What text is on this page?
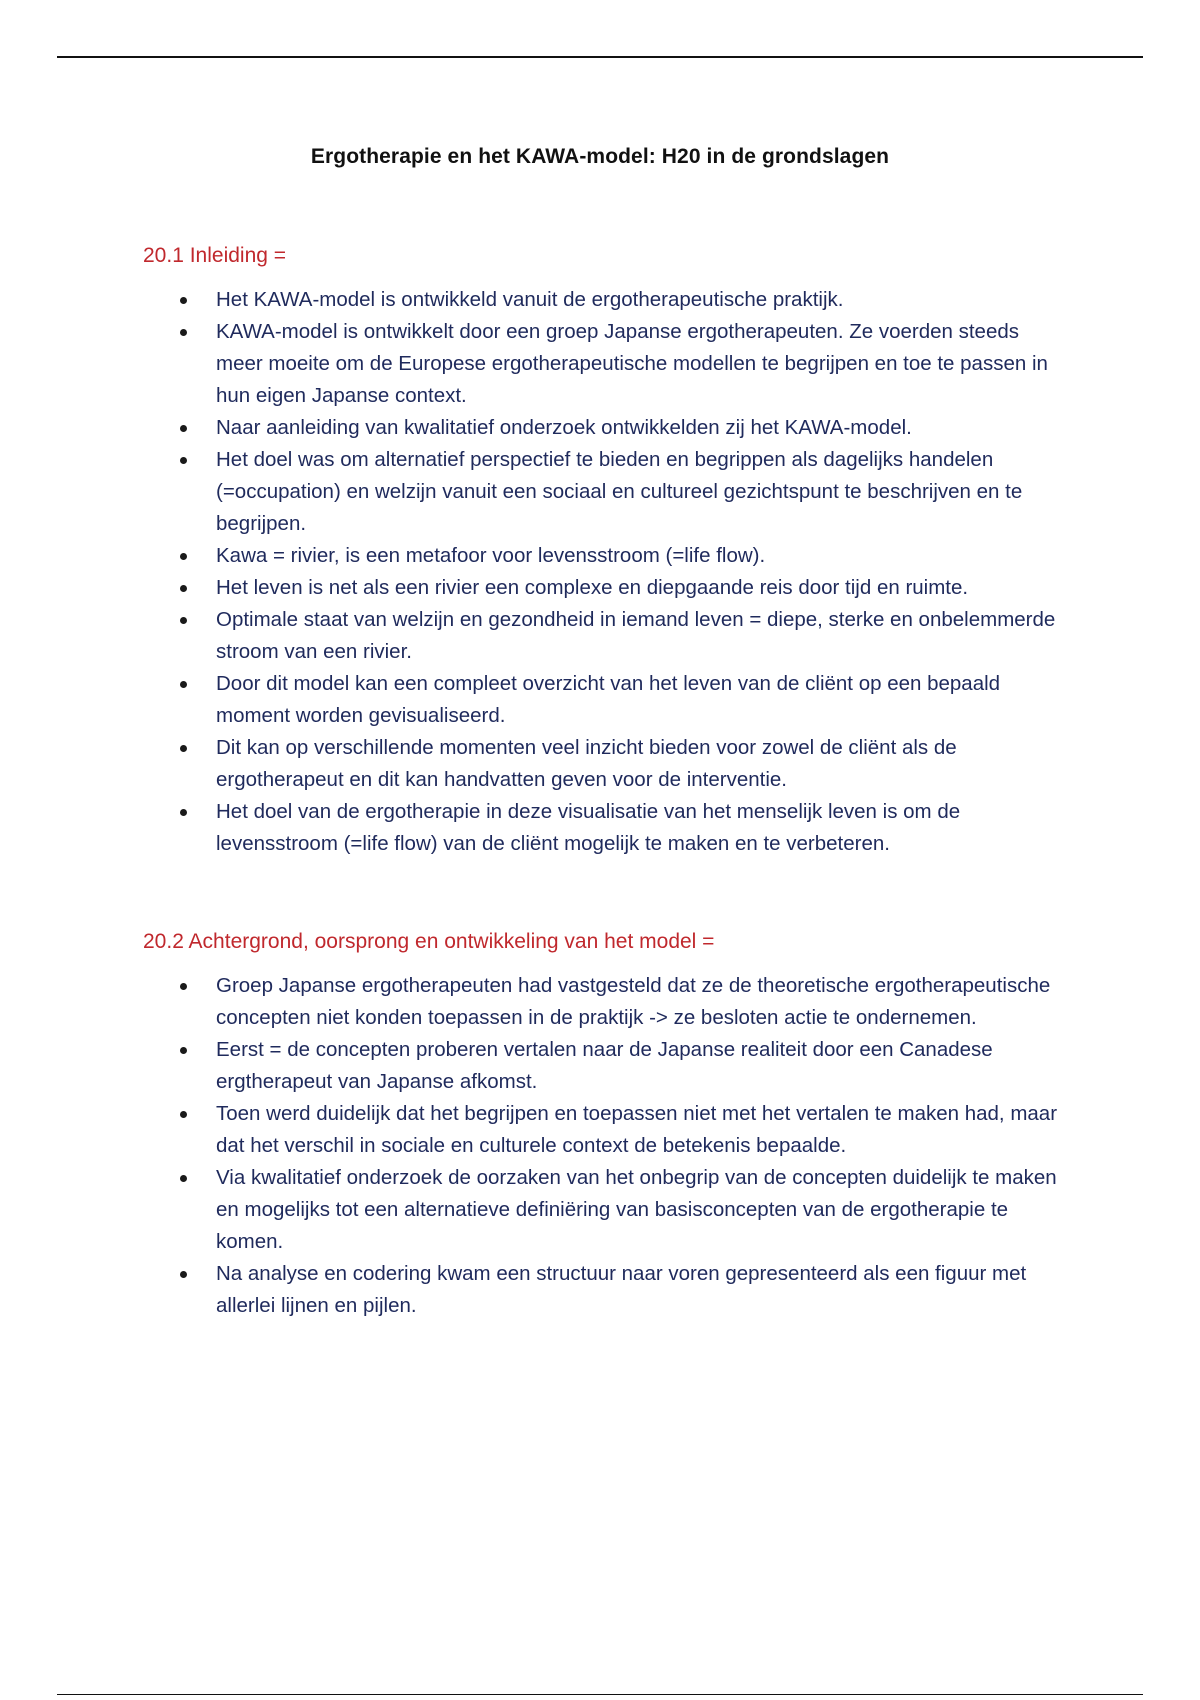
Ergotherapie en het KAWA-model: H20 in de grondslagen
20.1 Inleiding =
Het KAWA-model is ontwikkeld vanuit de ergotherapeutische praktijk.
KAWA-model is ontwikkelt door een groep Japanse ergotherapeuten. Ze voerden steeds meer moeite om de Europese ergotherapeutische modellen te begrijpen en toe te passen in hun eigen Japanse context.
Naar aanleiding van kwalitatief onderzoek ontwikkelden zij het KAWA-model.
Het doel was om alternatief perspectief te bieden en begrippen als dagelijks handelen (=occupation) en welzijn vanuit een sociaal en cultureel gezichtspunt te beschrijven en te begrijpen.
Kawa = rivier, is een metafoor voor levensstroom (=life flow).
Het leven is net als een rivier een complexe en diepgaande reis door tijd en ruimte.
Optimale staat van welzijn en gezondheid in iemand leven = diepe, sterke en onbelemmerde stroom van een rivier.
Door dit model kan een compleet overzicht van het leven van de cliënt op een bepaald moment worden gevisualiseerd.
Dit kan op verschillende momenten veel inzicht bieden voor zowel de cliënt als de ergotherapeut en dit kan handvatten geven voor de interventie.
Het doel van de ergotherapie in deze visualisatie van het menselijk leven is om de levensstroom (=life flow) van de cliënt mogelijk te maken en te verbeteren.
20.2 Achtergrond, oorsprong en ontwikkeling van het model =
Groep Japanse ergotherapeuten had vastgesteld dat ze de theoretische ergotherapeutische concepten niet konden toepassen in de praktijk -> ze besloten actie te ondernemen.
Eerst = de concepten proberen vertalen naar de Japanse realiteit door een Canadese ergtherapeut van Japanse afkomst.
Toen werd duidelijk dat het begrijpen en toepassen niet met het vertalen te maken had, maar dat het verschil in sociale en culturele context de betekenis bepaalde.
Via kwalitatief onderzoek de oorzaken van het onbegrip van de concepten duidelijk te maken en mogelijks tot een alternatieve definiëring van basisconcepten van de ergotherapie te komen.
Na analyse en codering kwam een structuur naar voren gepresenteerd als een figuur met allerlei lijnen en pijlen.
